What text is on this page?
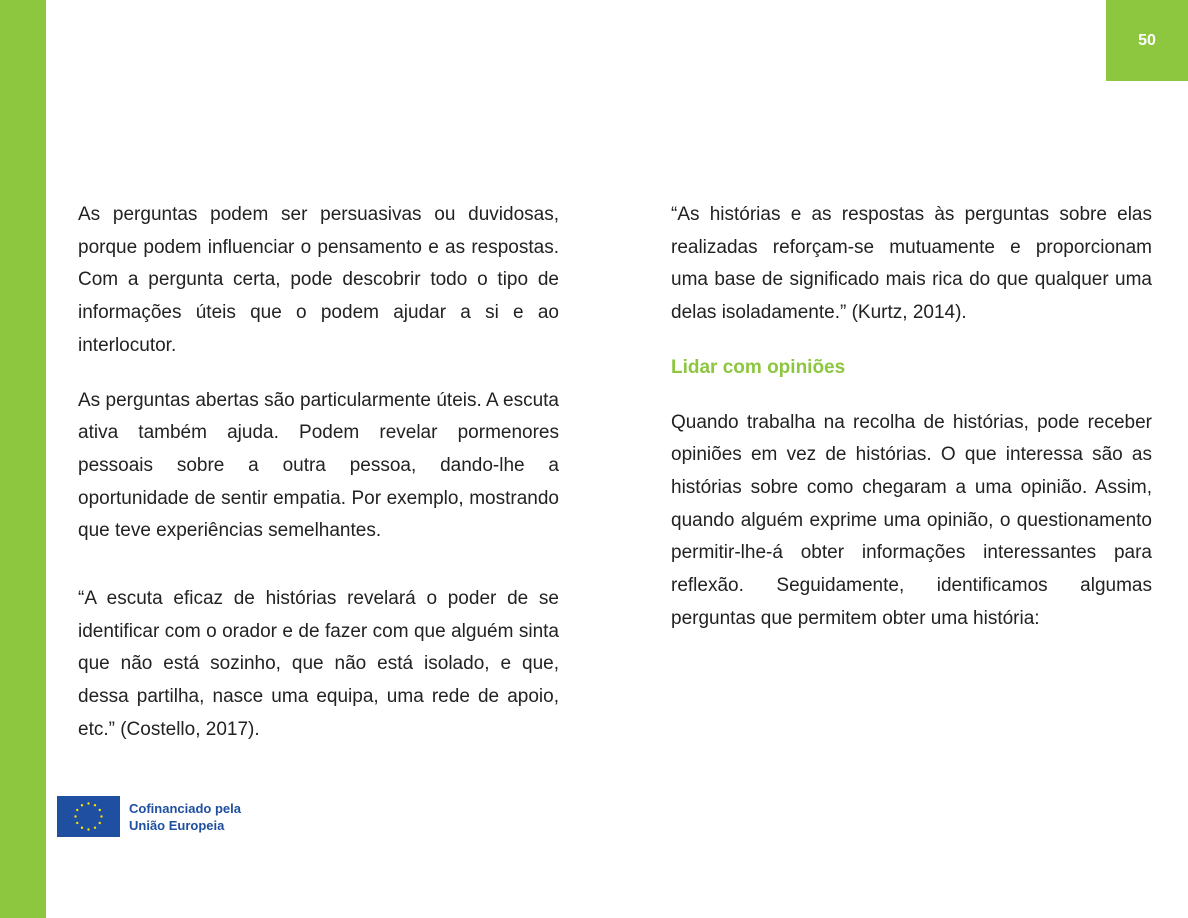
50

As perguntas podem ser persuasivas ou duvidosas, porque podem influenciar o pensamento e as respostas. Com a pergunta certa, pode descobrir todo o tipo de informações úteis que o podem ajudar a si e ao interlocutor.

As perguntas abertas são particularmente úteis. A escuta ativa também ajuda. Podem revelar pormenores pessoais sobre a outra pessoa, dando-lhe a oportunidade de sentir empatia. Por exemplo, mostrando que teve experiências semelhantes.

“A escuta eficaz de histórias revelará o poder de se identificar com o orador e de fazer com que alguém sinta que não está sozinho, que não está isolado, e que, dessa partilha, nasce uma equipa, uma rede de apoio, etc.” (Costello, 2017).

“As histórias e as respostas às perguntas sobre elas realizadas reforçam-se mutuamente e proporcionam uma base de significado mais rica do que qualquer uma delas isoladamente.” (Kurtz, 2014).

Lidar com opiniões

Quando trabalha na recolha de histórias, pode receber opiniões em vez de histórias. O que interessa são as histórias sobre como chegaram a uma opinião. Assim, quando alguém exprime uma opinião, o questionamento permitir-lhe-á obter informações interessantes para reflexão. Seguidamente, identificamos algumas perguntas que permitem obter uma história:

Cofinanciado pela
União Europeia
